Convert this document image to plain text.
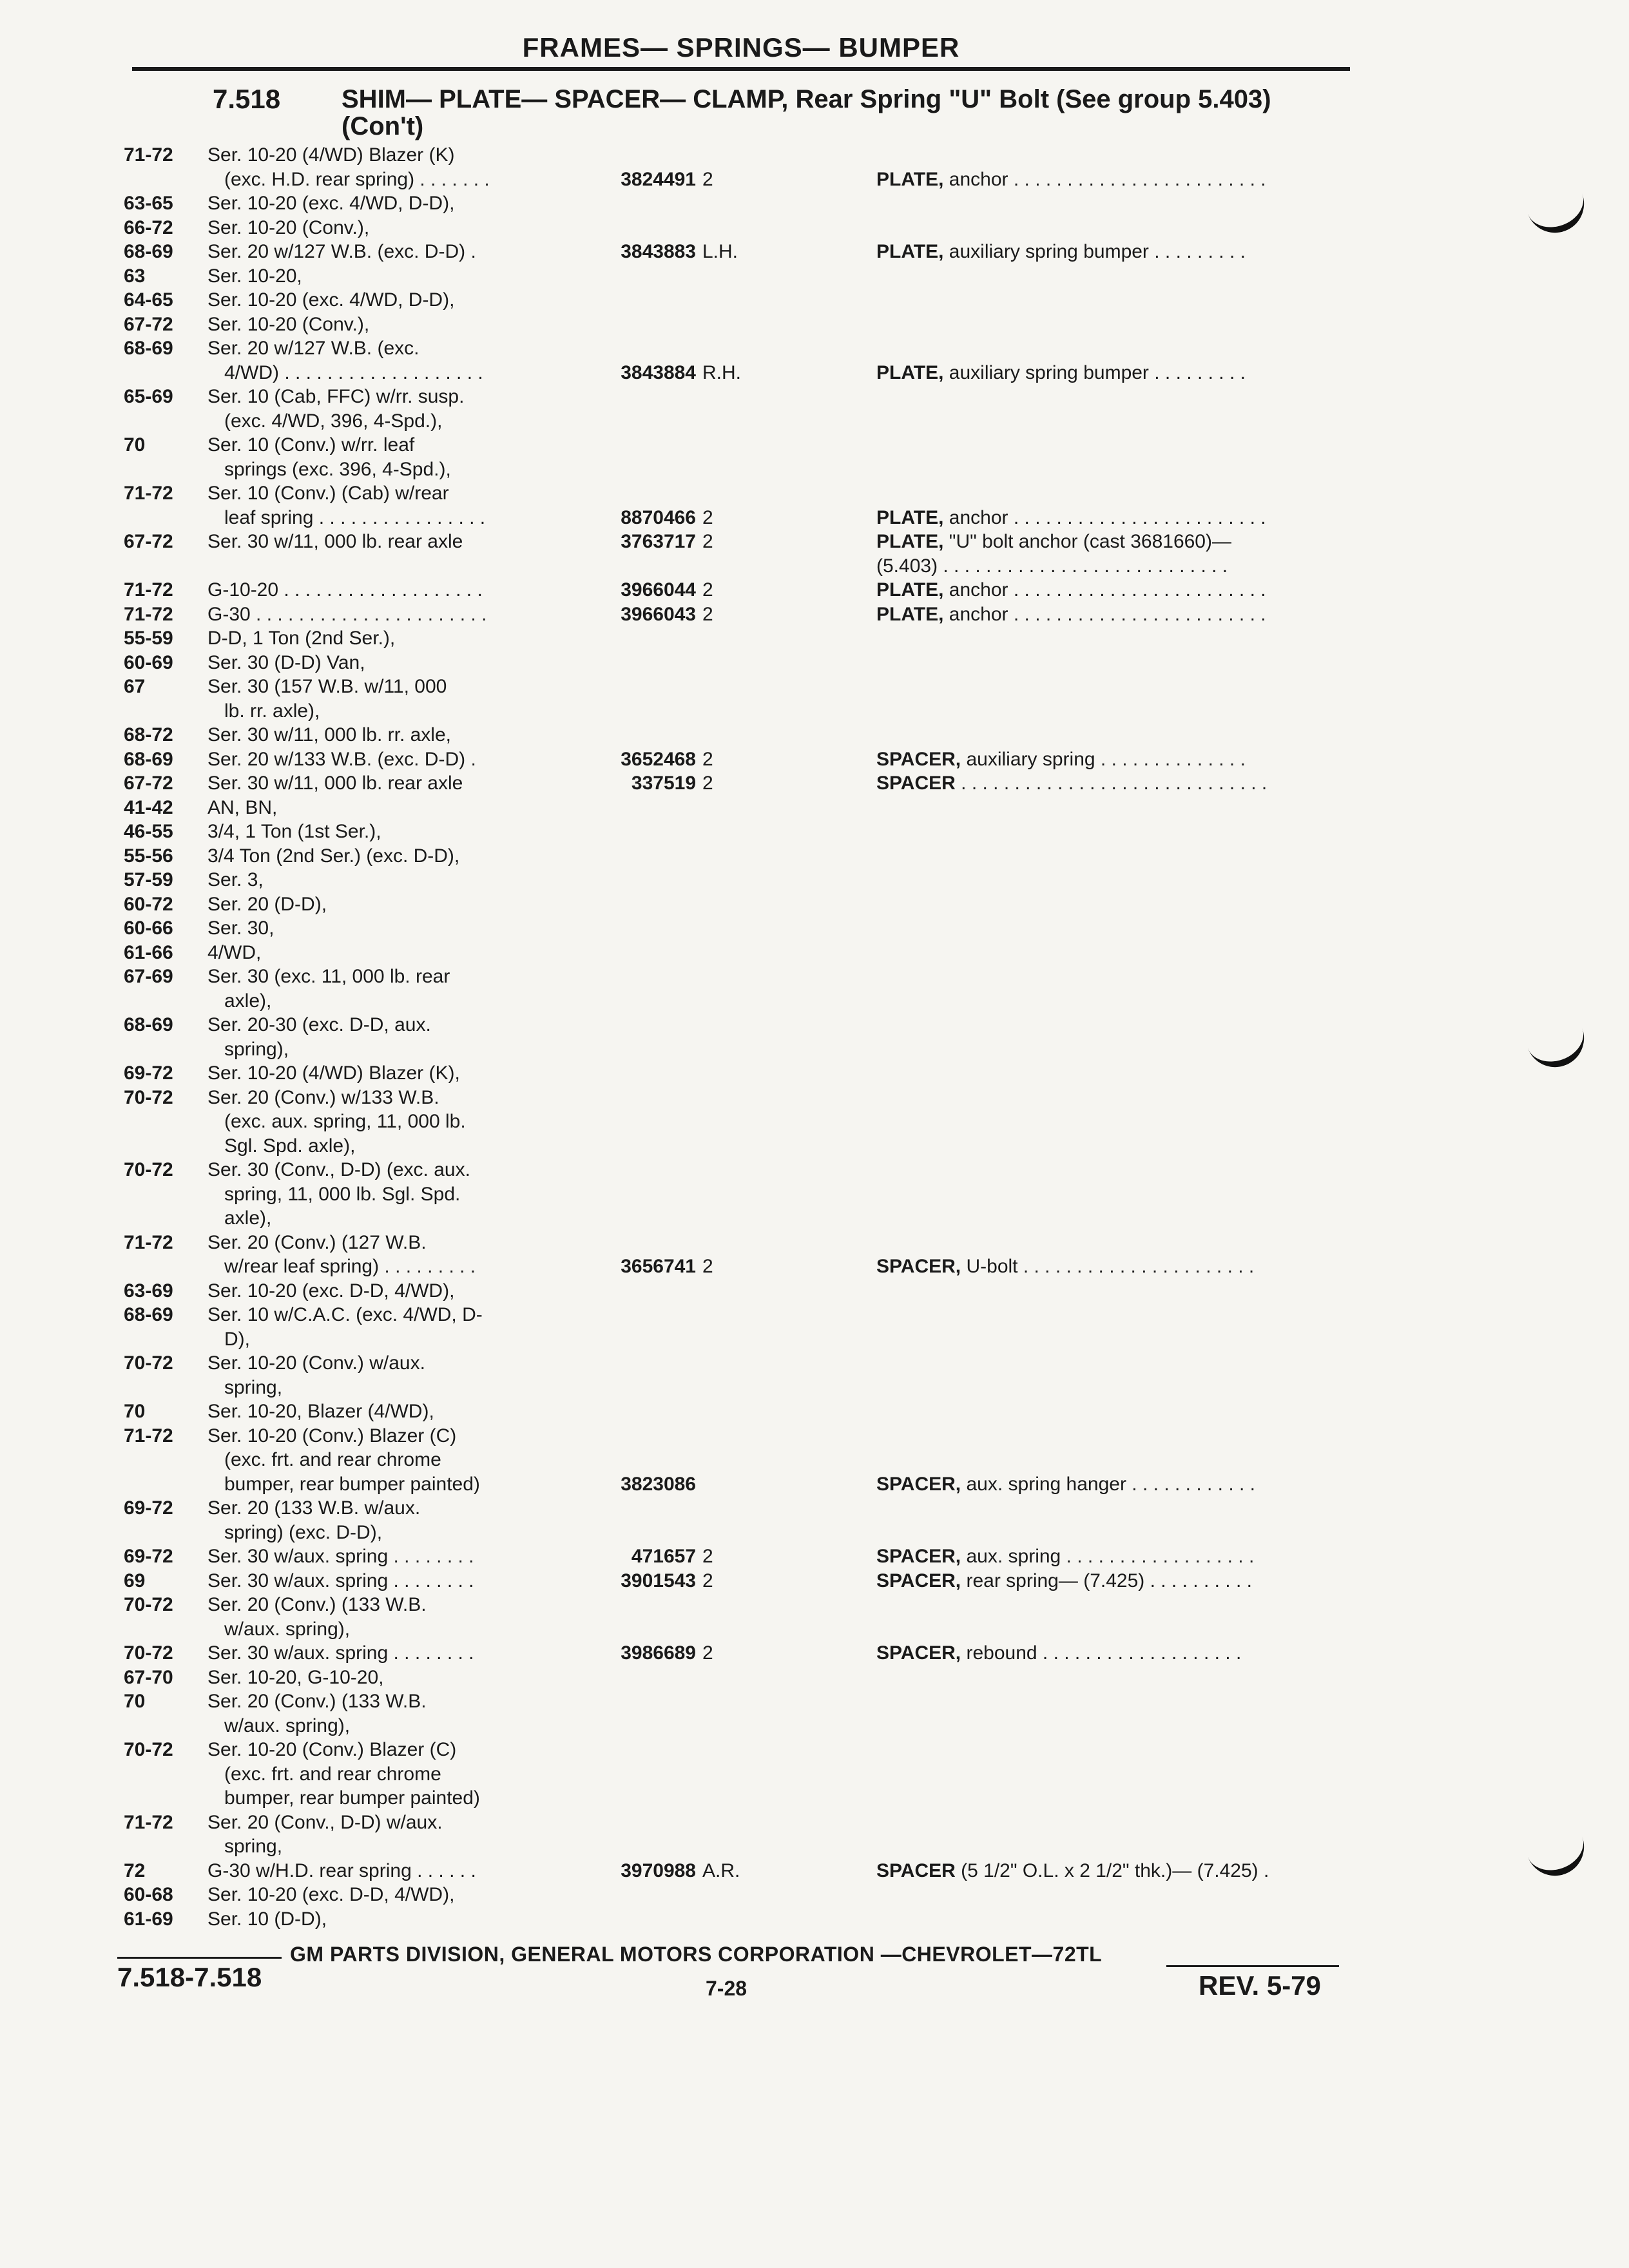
FRAMES— SPRINGS— BUMPER
7.518 SHIM— PLATE— SPACER— CLAMP, Rear Spring "U" Bolt (See group 5.403) (Con't)
71-72	Ser. 10-20 (4/WD) Blazer (K)
(exc. H.D. rear spring) . . . . . . .	3824491 2	PLATE, anchor . . . . . . . . . . . . . . . . . . . . . . . .
63-65	Ser. 10-20 (exc. 4/WD, D-D),
66-72	Ser. 10-20 (Conv.),
68-69	Ser. 20 w/127 W.B. (exc. D-D) .	3843883 L.H.	PLATE, auxiliary spring bumper . . . . . . . . .
63	Ser. 10-20,
64-65	Ser. 10-20 (exc. 4/WD, D-D),
67-72	Ser. 10-20 (Conv.),
68-69	Ser. 20 w/127 W.B. (exc.
4/WD) . . . . . . . . . . . . . . . . . . .	3843884 R.H.	PLATE, auxiliary spring bumper . . . . . . . . .
65-69	Ser. 10 (Cab, FFC) w/rr. susp.
(exc. 4/WD, 396, 4-Spd.),
70	Ser. 10 (Conv.) w/rr. leaf
springs (exc. 396, 4-Spd.),
71-72	Ser. 10 (Conv.) (Cab) w/rear
leaf spring . . . . . . . . . . . . . . . .	8870466 2	PLATE, anchor . . . . . . . . . . . . . . . . . . . . . . . .
67-72	Ser. 30 w/11, 000 lb. rear axle	3763717 2	PLATE, "U" bolt anchor (cast 3681660)—
(5.403) . . . . . . . . . . . . . . . . . . . . . . . . . . .
71-72	G-10-20 . . . . . . . . . . . . . . . . . . .	3966044 2	PLATE, anchor . . . . . . . . . . . . . . . . . . . . . . . .
71-72	G-30 . . . . . . . . . . . . . . . . . . . . . .	3966043 2	PLATE, anchor . . . . . . . . . . . . . . . . . . . . . . . .
55-59	D-D, 1 Ton (2nd Ser.),
60-69	Ser. 30 (D-D) Van,
67	Ser. 30 (157 W.B. w/11, 000
lb. rr. axle),
68-72	Ser. 30 w/11, 000 lb. rr. axle,
68-69	Ser. 20 w/133 W.B. (exc. D-D) .	3652468 2	SPACER, auxiliary spring . . . . . . . . . . . . . .
67-72	Ser. 30 w/11, 000 lb. rear axle	337519 2	SPACER . . . . . . . . . . . . . . . . . . . . . . . . . . . . .
41-42	AN, BN,
46-55	3/4, 1 Ton (1st Ser.),
55-56	3/4 Ton (2nd Ser.) (exc. D-D),
57-59	Ser. 3,
60-72	Ser. 20 (D-D),
60-66	Ser. 30,
61-66	4/WD,
67-69	Ser. 30 (exc. 11, 000 lb. rear
axle),
68-69	Ser. 20-30 (exc. D-D, aux.
spring),
69-72	Ser. 10-20 (4/WD) Blazer (K),
70-72	Ser. 20 (Conv.) w/133 W.B.
(exc. aux. spring, 11, 000 lb.
Sgl. Spd. axle),
70-72	Ser. 30 (Conv., D-D) (exc. aux.
spring, 11, 000 lb. Sgl. Spd.
axle),
71-72	Ser. 20 (Conv.) (127 W.B.
w/rear leaf spring) . . . . . . . . .	3656741 2	SPACER, U-bolt . . . . . . . . . . . . . . . . . . . . . .
63-69	Ser. 10-20 (exc. D-D, 4/WD),
68-69	Ser. 10 w/C.A.C. (exc. 4/WD, D-
D),
70-72	Ser. 10-20 (Conv.) w/aux.
spring,
70	Ser. 10-20, Blazer (4/WD),
71-72	Ser. 10-20 (Conv.) Blazer (C)
(exc. frt. and rear chrome
bumper, rear bumper painted)	3823086	SPACER, aux. spring hanger . . . . . . . . . . . .
69-72	Ser. 20 (133 W.B. w/aux.
spring) (exc. D-D),
69-72	Ser. 30 w/aux. spring . . . . . . . .	471657 2	SPACER, aux. spring . . . . . . . . . . . . . . . . . .
69	Ser. 30 w/aux. spring . . . . . . . .	3901543 2	SPACER, rear spring— (7.425) . . . . . . . . . .
70-72	Ser. 20 (Conv.) (133 W.B.
w/aux. spring),
70-72	Ser. 30 w/aux. spring . . . . . . . .	3986689 2	SPACER, rebound . . . . . . . . . . . . . . . . . . .
67-70	Ser. 10-20, G-10-20,
70	Ser. 20 (Conv.) (133 W.B.
w/aux. spring),
70-72	Ser. 10-20 (Conv.) Blazer (C)
(exc. frt. and rear chrome
bumper, rear bumper painted)
71-72	Ser. 20 (Conv., D-D) w/aux.
spring,
72	G-30 w/H.D. rear spring . . . . . .	3970988 A.R.	SPACER (5 1/2" O.L. x 2 1/2" thk.)— (7.425) .
60-68	Ser. 10-20 (exc. D-D, 4/WD),
61-69	Ser. 10 (D-D),
GM PARTS DIVISION, GENERAL MOTORS CORPORATION —CHEVROLET—72TL
7.518-7.518	7-28	REV. 5-79
